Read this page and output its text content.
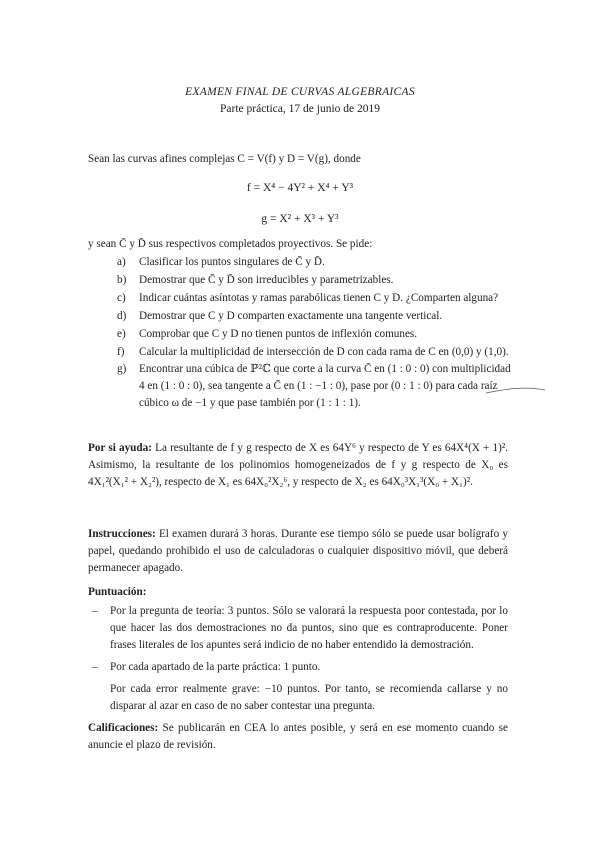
EXAMEN FINAL DE CURVAS ALGEBRAICAS
Parte práctica, 17 de junio de 2019
Sean las curvas afines complejas C = V(f) y D = V(g), donde
f = X⁴ − 4Y² + X⁴ + Y³
g = X² + X³ + Y³
y sean C̄ y D̄ sus respectivos completados proyectivos. Se pide:
a) Clasificar los puntos singulares de C̄ y D̄.
b) Demostrar que C̄ y D̄ son irreducibles y parametrizables.
c) Indicar cuántas asíntotas y ramas parabólicas tienen C y D. ¿Comparten alguna?
d) Demostrar que C y D comparten exactamente una tangente vertical.
e) Comprobar que C y D no tienen puntos de inflexión comunes.
f) Calcular la multiplicidad de intersección de D con cada rama de C en (0,0) y (1,0).
g) Encontrar una cúbica de ℙ²ℂ que corte a la curva C̄ en (1 : 0 : 0) con multiplicidad 4 en (1 : 0 : 0), sea tangente a C̄ en (1 : −1 : 0), pase por (0 : 1 : 0) para cada raíz cúbico ω de −1 y que pase también por (1 : 1 : 1).
Por si ayuda: La resultante de f y g respecto de X es 64Y⁶ y respecto de Y es 64X⁴(X + 1)². Asimismo, la resultante de los polinomios homogeneizados de f y g respecto de X₀ es 4X₁²(X₁² + X₂²), respecto de X₁ es 64X₀²X₂⁶, y respecto de X₂ es 64X₀³X₁³(X₀ + X₁)².
Instrucciones: El examen durará 3 horas. Durante ese tiempo sólo se puede usar bolígrafo y papel, quedando prohibido el uso de calculadoras o cualquier dispositivo móvil, que deberá permanecer apagado.
Puntuación:
– Por la pregunta de teoría: 3 puntos. Sólo se valorará la respuesta poor contestada, por lo que hacer las dos demostraciones no da puntos, sino que es contraproducente. Poner frases literales de los apuntes será indicio de no haber entendido la demostración.
– Por cada apartado de la parte práctica: 1 punto.
Por cada error realmente grave: −10 puntos. Por tanto, se recomienda callarse y no disparar al azar en caso de no saber contestar una pregunta.
Calificaciones: Se publicarán en CEA lo antes posible, y será en ese momento cuando se anuncie el plazo de revisión.
